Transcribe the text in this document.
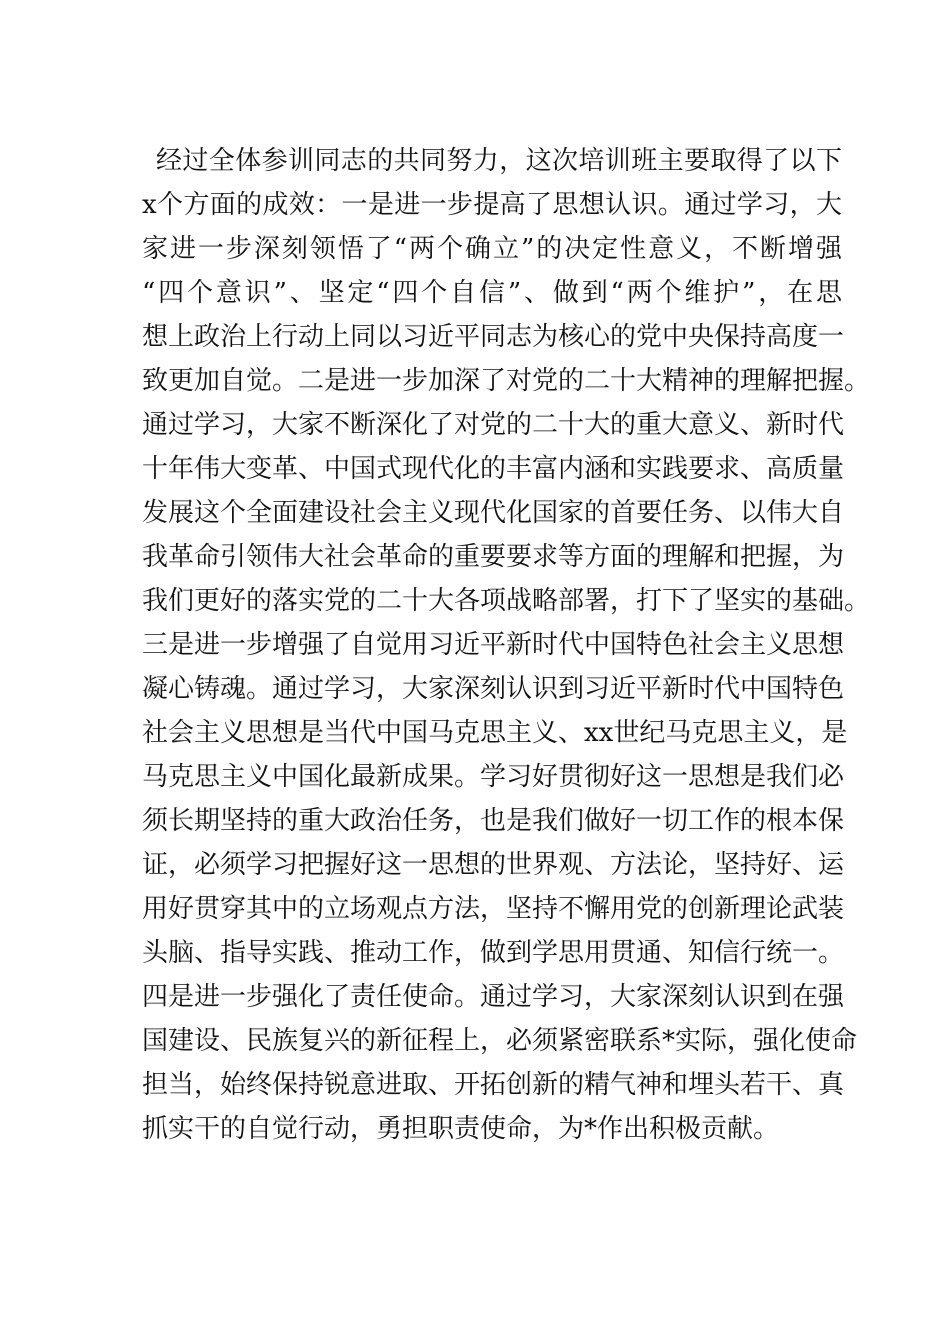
经过全体参训同志的共同努力，这次培训班主要取得了以下
x个方面的成效：一是进一步提高了思想认识。通过学习，大
家进一步深刻领悟了“两个确立”的决定性意义，不断增强
“四个意识”、坚定“四个自信”、做到“两个维护”，在思
想上政治上行动上同以习近平同志为核心的党中央保持高度一
致更加自觉。二是进一步加深了对党的二十大精神的理解把握。
通过学习，大家不断深化了对党的二十大的重大意义、新时代
十年伟大变革、中国式现代化的丰富内涵和实践要求、高质量
发展这个全面建设社会主义现代化国家的首要任务、以伟大自
我革命引领伟大社会革命的重要要求等方面的理解和把握，为
我们更好的落实党的二十大各项战略部署，打下了坚实的基础。
三是进一步增强了自觉用习近平新时代中国特色社会主义思想
凝心铸魂。通过学习，大家深刻认识到习近平新时代中国特色
社会主义思想是当代中国马克思主义、xx世纪马克思主义，是
马克思主义中国化最新成果。学习好贯彻好这一思想是我们必
须长期坚持的重大政治任务，也是我们做好一切工作的根本保
证，必须学习把握好这一思想的世界观、方法论，坚持好、运
用好贯穿其中的立场观点方法，坚持不懈用党的创新理论武装
头脑、指导实践、推动工作，做到学思用贯通、知信行统一。
四是进一步强化了责任使命。通过学习，大家深刻认识到在强
国建设、民族复兴的新征程上，必须紧密联系*实际，强化使命
担当，始终保持锐意进取、开拓创新的精气神和埋头若干、真
抓实干的自觉行动，勇担职责使命，为*作出积极贡献。
